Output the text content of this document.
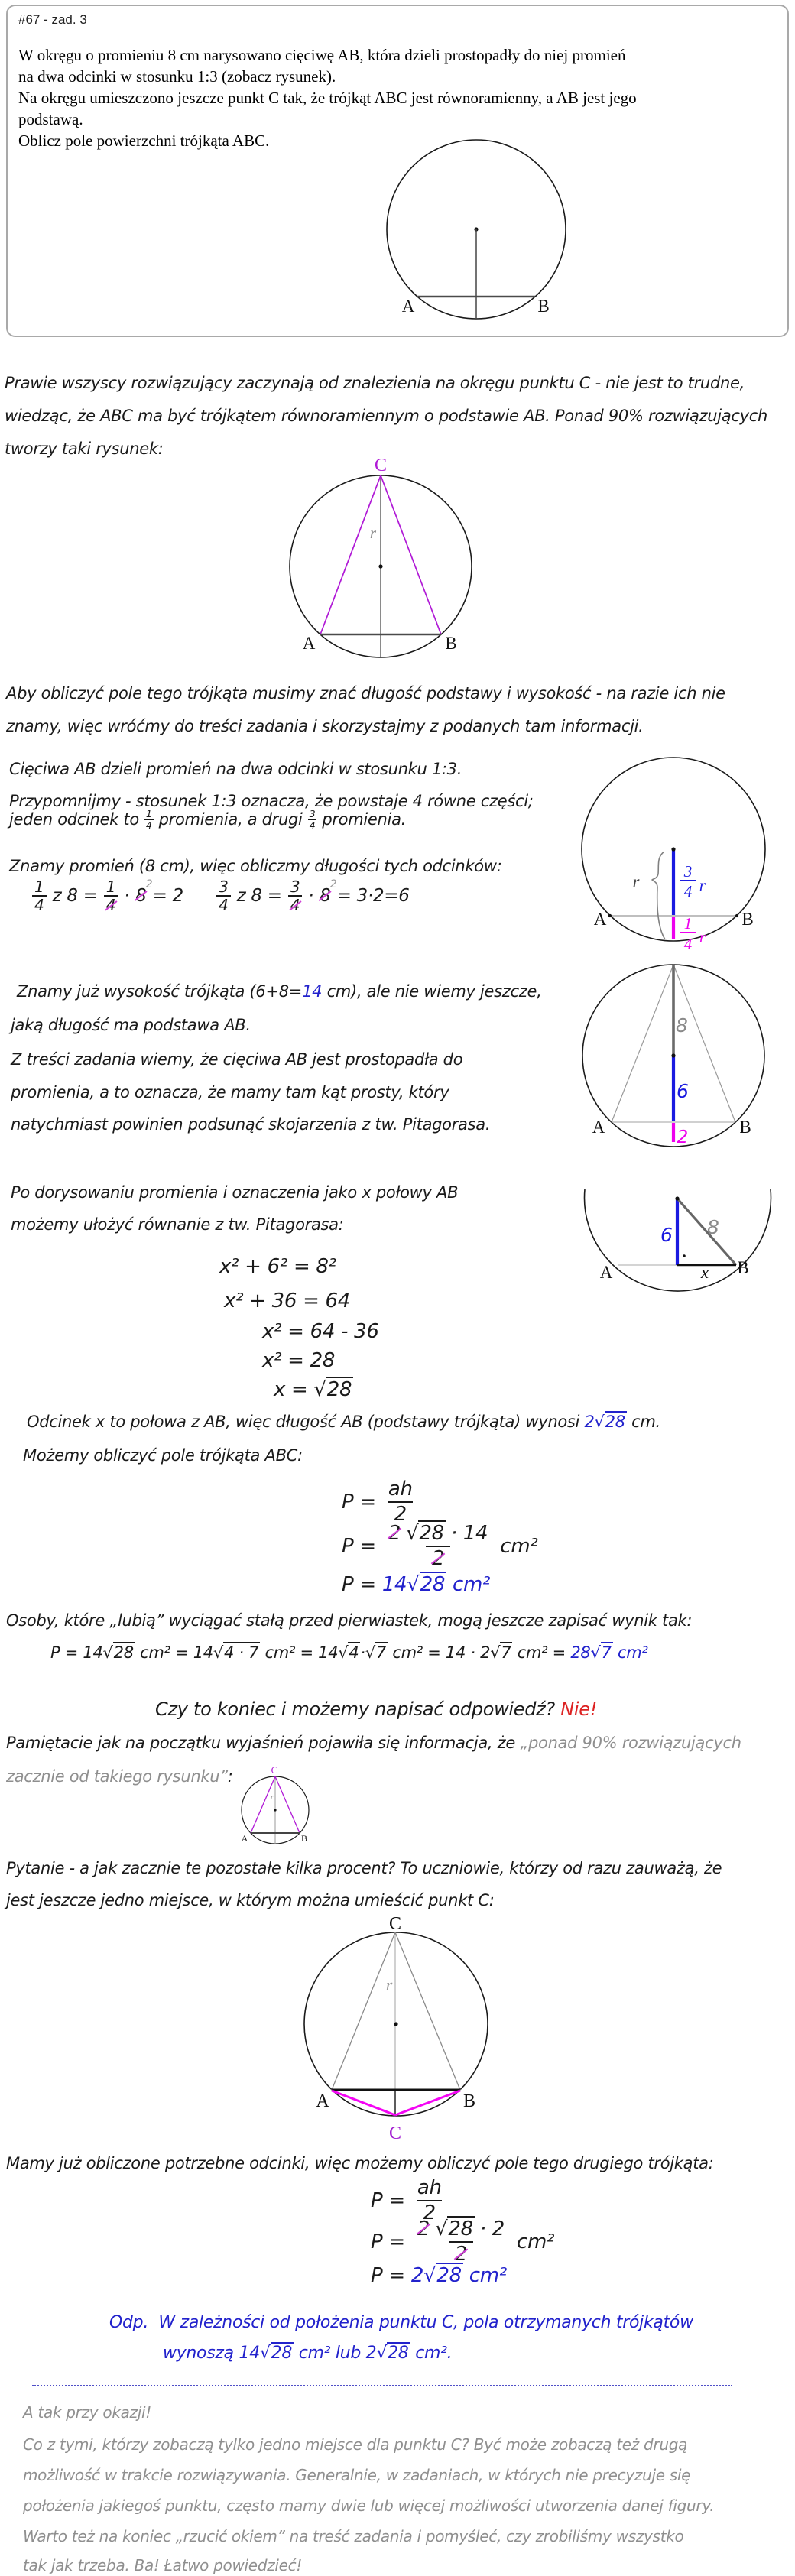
#67 - zad. 3
W okręgu o promieniu 8 cm narysowano cięciwę AB, która dzieli prostopadły do niej promień
na dwa odcinki w stosunku 1:3 (zobacz rysunek).
Na okręgu umieszczono jeszcze punkt C tak, że trójkąt ABC jest równoramienny, a AB jest jego
podstawą.
Oblicz pole powierzchni trójkąta ABC.
A	B
Prawie wszyscy rozwiązujący zaczynają od znalezienia na okręgu punktu C - nie jest to trudne,
wiedząc, że ABC ma być trójkątem równoramiennym o podstawie AB. Ponad 90% rozwiązujących
tworzy taki rysunek:
C
r
A	B
Aby obliczyć pole tego trójkąta musimy znać długość podstawy i wysokość - na razie ich nie
znamy, więc wróćmy do treści zadania i skorzystajmy z podanych tam informacji.
Cięciwa AB dzieli promień na dwa odcinki w stosunku 1:3.
Przypomnijmy - stosunek 1:3 oznacza, że powstaje 4 równe części;
jeden odcinek to 1
4 promienia, a drugi 3
4 promienia.
Znamy promień (8 cm), więc obliczmy długości tych odcinków:
1
4 z $8 = \frac{1}{4} \cdot 8$
2
= 2 3
4 z $8 = \frac{3}{4} \cdot 8$
2
= 3·2=6
r
3
4 r
1
4 r
A	B
Znamy już wysokość trójkąta (6+8=14 cm), ale nie wiemy jeszcze,
jaką długość ma podstawa AB.
Z treści zadania wiemy, że cięciwa AB jest prostopadła do
promienia, a to oznacza, że mamy tam kąt prosty, który
natychmiast powinien podsunąć skojarzenia z tw. Pitagorasa.
8
6
2
A	B
Po dorysowaniu promienia i oznaczenia jako x połowy AB
możemy ułożyć równanie z tw. Pitagorasa:	6 8
x
A	B
x² + 6² = 8²
x² + 36 = 64
x² = 64 - 36
x² = 28
x = √28
Odcinek x to połowa z AB, więc długość AB (podstawy trójkąta) wynosi 2√28 cm.
Możemy obliczyć pole trójkąta ABC:
$P = \frac{ah}{2}$
$P = \frac{2 √28 \cdot 14}{2} cm^2$
P = 14√28 cm²
Osoby, które „lubią” wyciągać stałą przed pierwiastek, mogą jeszcze zapisać wynik tak:
P = 14√28 cm² = 14√4 · 7 cm² = 14√4·√7 cm² = 14 · 2√7 cm² = 28√7 cm²
Czy to koniec i możemy napisać odpowiedź? Nie!
Pamiętacie jak na początku wyjaśnień pojawiła się informacja, że „ponad 90% rozwiązujących
zacznie od takiego rysunku”:	C
r
A	B
Pytanie - a jak zacznie te pozostałe kilka procent? To uczniowie, którzy od razu zauważą, że
jest jeszcze jedno miejsce, w którym można umieścić punkt C:
C
r
A	B
C
Mamy już obliczone potrzebne odcinki, więc możemy obliczyć pole tego drugiego trójkąta:
$P = \frac{ah}{2}$
$P = \frac{2 √28 \cdot 2}{2} cm^2$
P = 2√28 cm²
Odp.  W zależności od położenia punktu C, pola otrzymanych trójkątów
wynoszą 14√28 cm² lub 2√28 cm².
A tak przy okazji!
Co z tymi, którzy zobaczą tylko jedno miejsce dla punktu C? Być może zobaczą też drugą
możliwość w trakcie rozwiązywania. Generalnie, w zadaniach, w których nie precyzuje się
położenia jakiegoś punktu, często mamy dwie lub więcej możliwości utworzenia danej figury.
Warto też na koniec „rzucić okiem” na treść zadania i pomyśleć, czy zrobiliśmy wszystko
tak jak trzeba. Ba! Łatwo powiedzieć!
